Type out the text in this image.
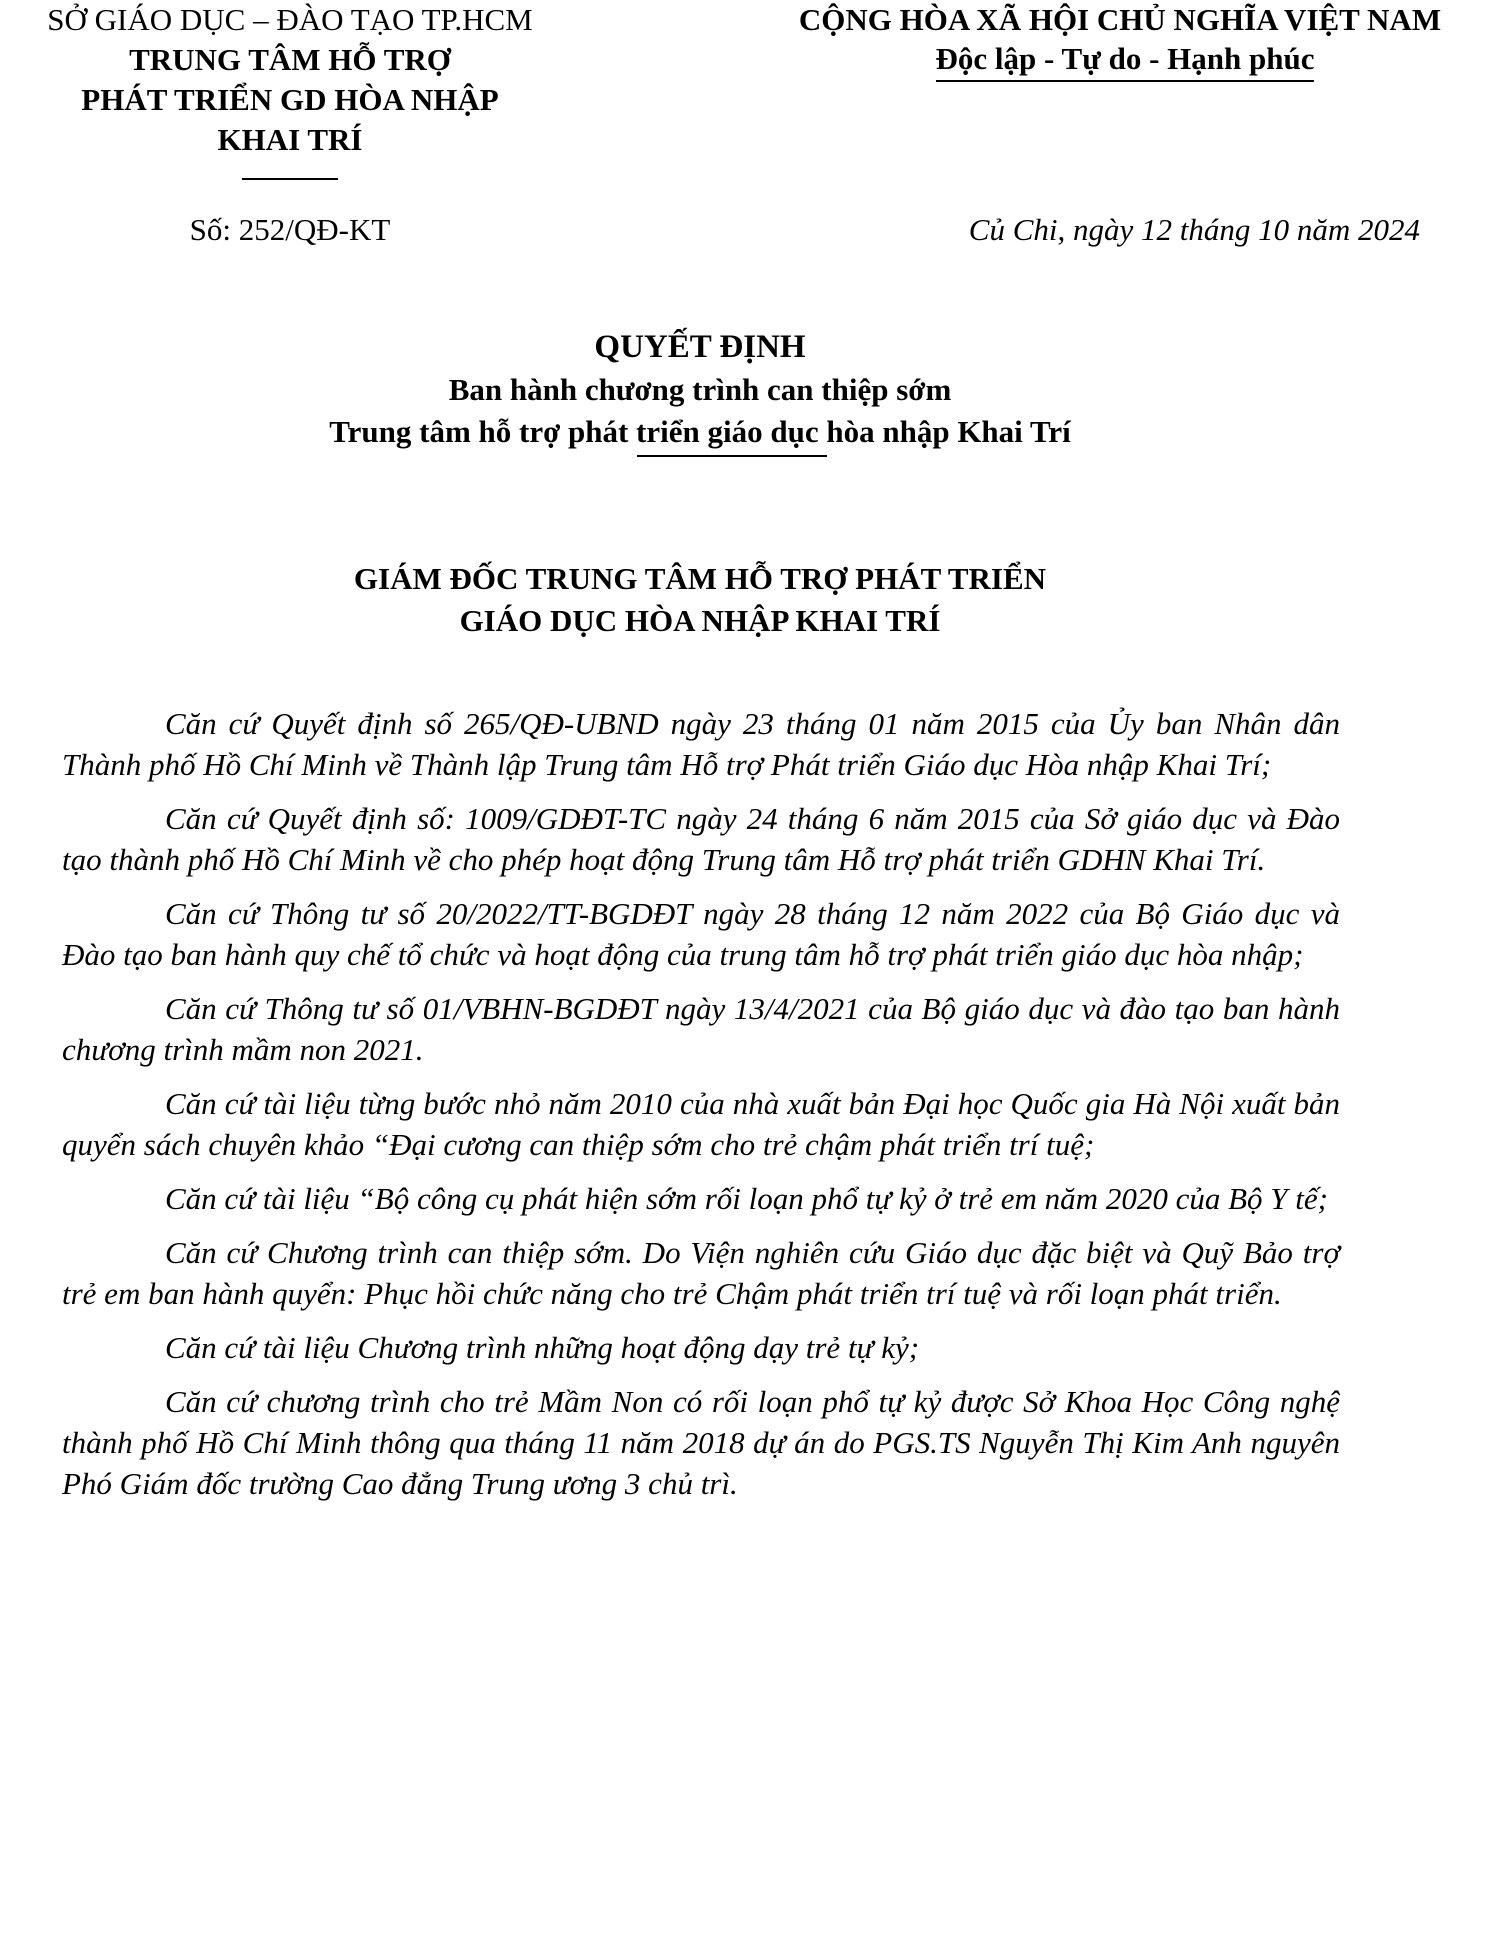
SỞ GIÁO DỤC – ĐÀO TẠO TP.HCM
TRUNG TÂM HỖ TRỢ
PHÁT TRIỂN GD HÒA NHẬP
KHAI TRÍ
CỘNG HÒA XÃ HỘI CHỦ NGHĨA VIỆT NAM
Độc lập - Tự do - Hạnh phúc
Số: 252/QĐ-KT	Củ Chi, ngày 12 tháng 10 năm 2024
QUYẾT ĐỊNH
Ban hành chương trình can thiệp sớm
Trung tâm hỗ trợ phát triển giáo dục hòa nhập Khai Trí
GIÁM ĐỐC TRUNG TÂM HỖ TRỢ PHÁT TRIỂN
GIÁO DỤC HÒA NHẬP KHAI TRÍ

Căn cứ Quyết định số 265/QĐ-UBND ngày 23 tháng 01 năm 2015 của Ủy ban Nhân dân Thành phố Hồ Chí Minh về Thành lập Trung tâm Hỗ trợ Phát triển Giáo dục Hòa nhập Khai Trí;

Căn cứ Quyết định số: 1009/GDĐT-TC ngày 24 tháng 6 năm 2015 của Sở giáo dục và Đào tạo thành phố Hồ Chí Minh về cho phép hoạt động Trung tâm Hỗ trợ phát triển GDHN Khai Trí.

Căn cứ Thông tư số 20/2022/TT-BGDĐT ngày 28 tháng 12 năm 2022 của Bộ Giáo dục và Đào tạo ban hành quy chế tổ chức và hoạt động của trung tâm hỗ trợ phát triển giáo dục hòa nhập;

Căn cứ Thông tư số 01/VBHN-BGDĐT ngày 13/4/2021 của Bộ giáo dục và đào tạo ban hành chương trình mầm non 2021.

Căn cứ tài liệu từng bước nhỏ năm 2010 của nhà xuất bản Đại học Quốc gia Hà Nội xuất bản quyển sách chuyên khảo “Đại cương can thiệp sớm cho trẻ chậm phát triển trí tuệ;

Căn cứ tài liệu “Bộ công cụ phát hiện sớm rối loạn phổ tự kỷ ở trẻ em năm 2020 của Bộ Y tế;

Căn cứ Chương trình can thiệp sớm. Do Viện nghiên cứu Giáo dục đặc biệt và Quỹ Bảo trợ trẻ em ban hành quyển: Phục hồi chức năng cho trẻ Chậm phát triển trí tuệ và rối loạn phát triển.

Căn cứ tài liệu Chương trình những hoạt động dạy trẻ tự kỷ;

Căn cứ chương trình cho trẻ Mầm Non có rối loạn phổ tự kỷ được Sở Khoa Học Công nghệ thành phố Hồ Chí Minh thông qua tháng 11 năm 2018 dự án do PGS.TS Nguyễn Thị Kim Anh nguyên Phó Giám đốc trường Cao đẳng Trung ương 3 chủ trì.
